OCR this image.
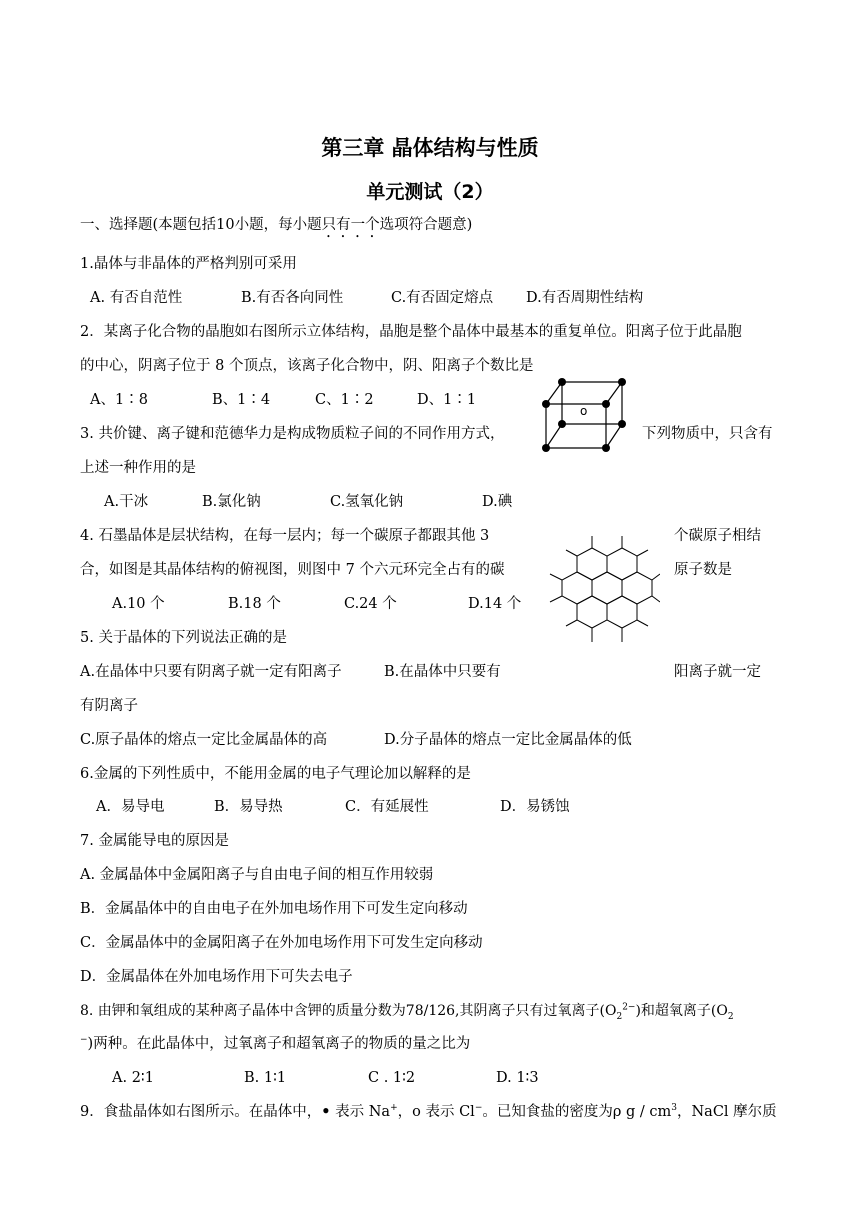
第三章 晶体结构与性质
单元测试（2）
一、选择题(本题包括10小题，每小题只有一个选项符合题意)
1.晶体与非晶体的严格判别可采用
A. 有否自范性	B.有否各向同性	C.有否固定熔点 D.有否周期性结构
2．某离子化合物的晶胞如右图所示立体结构，晶胞是整个晶体中最基本的重复单位。阳离子位于此晶胞
的中心，阴离子位于 8 个顶点，该离子化合物中，阴、阳离子个数比是
A、1∶8	B、1∶4	C、1∶2	D、1∶1
o
3. 共价键、离子键和范德华力是构成物质粒子间的不同作用方式，	下列物质中，只含有
上述一种作用的是
A.干冰	B.氯化钠	C.氢氧化钠	D.碘
4. 石墨晶体是层状结构，在每一层内；每一个碳原子都跟其他 3	个碳原子相结
合，如图是其晶体结构的俯视图，则图中 7 个六元环完全占有的碳	原子数是
A.10 个	B.18 个	C.24 个	D.14 个
5. 关于晶体的下列说法正确的是
A.在晶体中只要有阴离子就一定有阳离子	B.在晶体中只要有	阳离子就一定
有阴离子
C.原子晶体的熔点一定比金属晶体的高	D.分子晶体的熔点一定比金属晶体的低
6.金属的下列性质中，不能用金属的电子气理论加以解释的是
A．易导电	B．易导热	C．有延展性	D．易锈蚀
7. 金属能导电的原因是
A. 金属晶体中金属阳离子与自由电子间的相互作用较弱
B．金属晶体中的自由电子在外加电场作用下可发生定向移动
C．金属晶体中的金属阳离子在外加电场作用下可发生定向移动
D．金属晶体在外加电场作用下可失去电子
8. 由钾和氧组成的某种离子晶体中含钾的质量分数为78/126,其阴离子只有过氧离子$(O_2^{2-})$和超氧离子($O_2$
−)两种。在此晶体中，过氧离子和超氧离子的物质的量之比为
A. 2∶1	B. 1∶1	C . 1∶2	D. 1∶3
9．食盐晶体如右图所示。在晶体中，• 表示 Na+，o 表示 Cl−。已知食盐的密度为ρ g / $cm^3$，NaCl 摩尔质
